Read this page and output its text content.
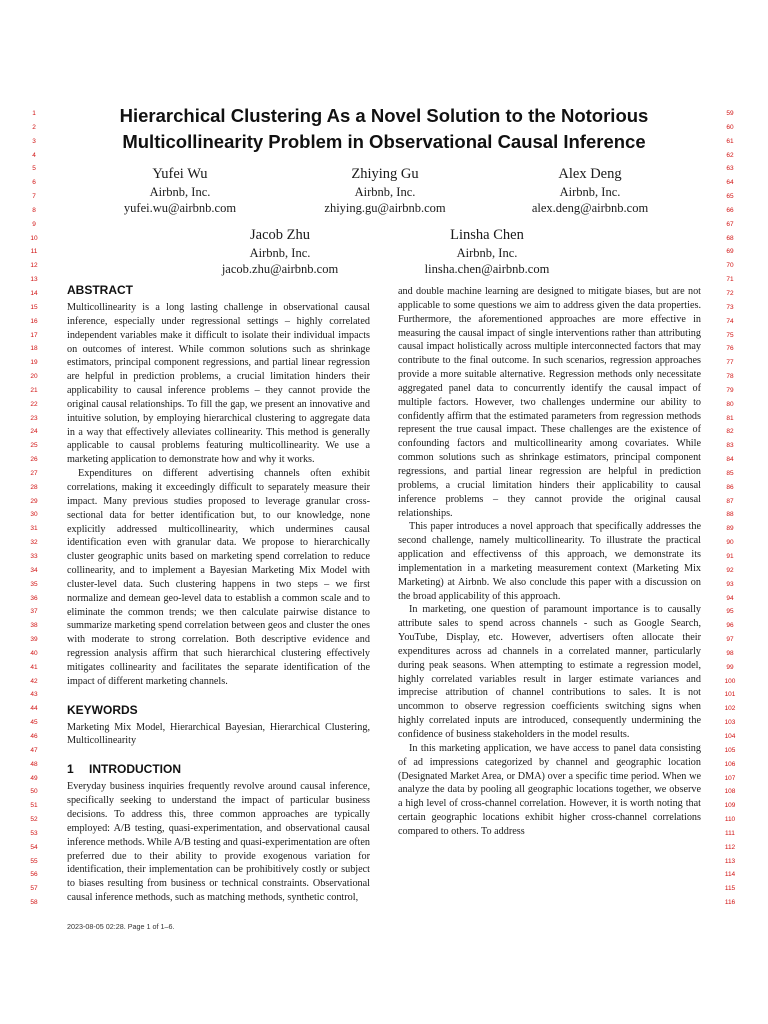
1
2
3
4
5
6
7
8
9
10
11
12
13
14
15
16
17
18
19
20
21
22
23
24
25
26
27
28
29
30
31
32
33
34
35
36
37
38
39
40
41
42
43
44
45
46
47
48
49
50
51
52
53
54
55
56
57
58
59
60
61
62
63
64
65
66
67
68
69
70
71
72
73
74
75
76
77
78
79
80
81
82
83
84
85
86
87
88
89
90
91
92
93
94
95
96
97
98
99
100
101
102
103
104
105
106
107
108
109
110
111
112
113
114
115
116
Hierarchical Clustering As a Novel Solution to the Notorious Multicollinearity Problem in Observational Causal Inference
Yufei Wu
Airbnb, Inc.
yufei.wu@airbnb.com
Zhiying Gu
Airbnb, Inc.
zhiying.gu@airbnb.com
Alex Deng
Airbnb, Inc.
alex.deng@airbnb.com
Jacob Zhu
Airbnb, Inc.
jacob.zhu@airbnb.com
Linsha Chen
Airbnb, Inc.
linsha.chen@airbnb.com
ABSTRACT

Multicollinearity is a long lasting challenge in observational causal inference, especially under regressional settings – highly correlated independent variables make it difficult to isolate their individual impacts on outcomes of interest. While common solutions such as shrinkage estimators, principal component regressions, and partial linear regression are helpful in prediction problems, a crucial limitation hinders their applicability to causal inference problems – they cannot provide the original causal relationships. To fill the gap, we present an innovative and intuitive solution, by employing hierarchical clustering to aggregate data in a way that effectively alleviates collinearity. This method is generally applicable to causal problems featuring multicollinearity. We use a marketing application to demonstrate how and why it works.

Expenditures on different advertising channels often exhibit correlations, making it exceedingly difficult to separately measure their impact. Many previous studies proposed to leverage granular cross-sectional data for better identification but, to our knowledge, none explicitly addressed multicollinearity, which undermines causal identification even with granular data. We propose to hierarchically cluster geographic units based on marketing spend correlation to reduce collinearity, and to implement a Bayesian Marketing Mix Model with cluster-level data. Such clustering happens in two steps – we first normalize and demean geo-level data to establish a common scale and to eliminate the common trends; we then calculate pairwise distance to summarize marketing spend correlation between geos and cluster the ones with moderate to strong correlation. Both descriptive evidence and regression analysis affirm that such hierarchical clustering effectively mitigates collinearity and facilitates the separate identification of the impact of different marketing channels.

KEYWORDS

Marketing Mix Model, Hierarchical Bayesian, Hierarchical Clustering, Multicollinearity

1 INTRODUCTION

Everyday business inquiries frequently revolve around causal inference, specifically seeking to understand the impact of particular business decisions. To address this, three common approaches are typically employed: A/B testing, quasi-experimentation, and observational causal inference methods. While A/B testing and quasi-experimentation are often preferred due to their ability to provide exogenous variation for identification, their implementation can be prohibitively costly or subject to biases resulting from business or technical constraints. Observational causal inference methods, such as matching methods, synthetic control,

and double machine learning are designed to mitigate biases, but are not applicable to some questions we aim to address given the data properties. Furthermore, the aforementioned approaches are more effective in measuring the causal impact of single interventions rather than attributing causal impact holistically across multiple interconnected factors that may contribute to the final outcome. In such scenarios, regression approaches provide a more suitable alternative. Regression methods only necessitate aggregated panel data to concurrently identify the causal impact of multiple factors. However, two challenges undermine our ability to confidently affirm that the estimated parameters from regression methods represent the true causal impact. These challenges are the existence of confounding factors and multicollinearity among covariates. While common solutions such as shrinkage estimators, principal component regressions, and partial linear regression are helpful in prediction problems, a crucial limitation hinders their applicability to causal inference problems – they cannot provide the original causal relationships.

This paper introduces a novel approach that specifically addresses the second challenge, namely multicollinearity. To illustrate the practical application and effectivenss of this approach, we demonstrate its implementation in a marketing measurement context (Marketing Mix Marketing) at Airbnb. We also conclude this paper with a discussion on the broad applicability of this approach.

In marketing, one question of paramount importance is to causally attribute sales to spend across channels - such as Google Search, YouTube, Display, etc. However, advertisers often allocate their expenditures across ad channels in a correlated manner, particularly during peak seasons. When attempting to estimate a regression model, highly correlated variables result in larger estimate variances and imprecise attribution of channel contributions to sales. It is not uncommon to observe regression coefficients switching signs when highly correlated inputs are introduced, consequently undermining the confidence of business stakeholders in the model results.

In this marketing application, we have access to panel data consisting of ad impressions categorized by channel and geographic location (Designated Market Area, or DMA) over a specific time period. When we analyze the data by pooling all geographic locations together, we observe a high level of cross-channel correlation. However, it is worth noting that certain geographic locations exhibit higher cross-channel correlations compared to others. To address

2023-08-05 02:28. Page 1 of 1–6.
